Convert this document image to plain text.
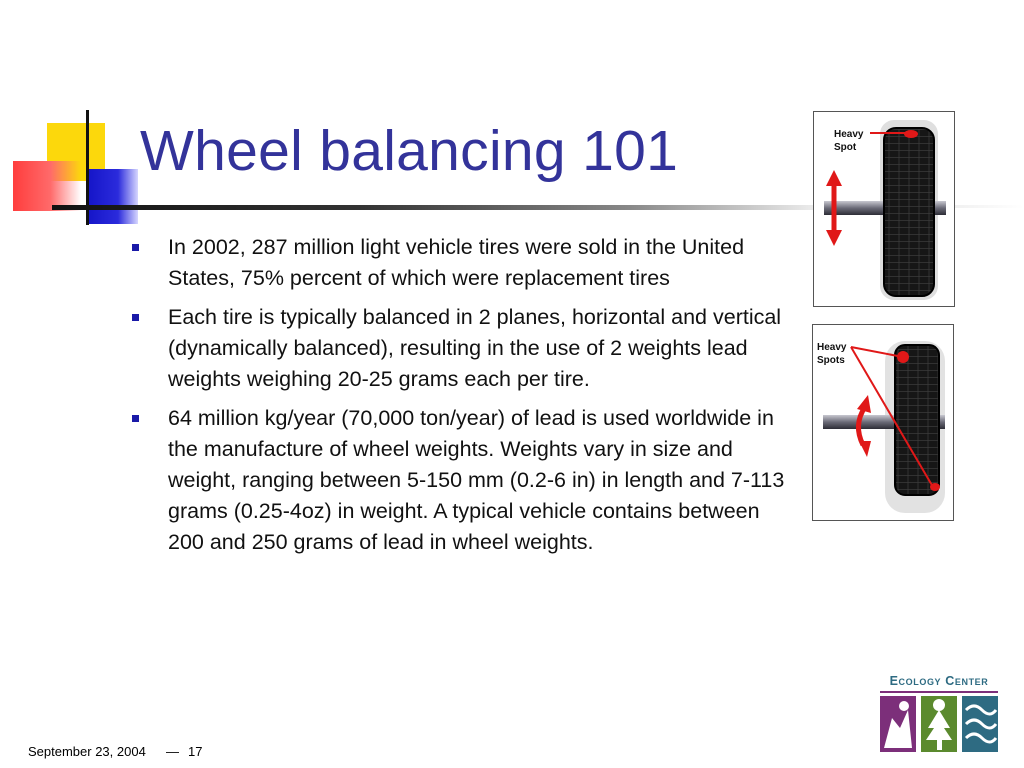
Wheel balancing 101
In 2002, 287 million light vehicle tires were sold in the United States, 75% percent of which were replacement tires
Each tire is typically balanced in 2 planes, horizontal and vertical (dynamically balanced), resulting in the use of 2 weights lead weights weighing 20-25 grams each per tire.
64 million kg/year (70,000 ton/year) of lead is used worldwide in the manufacture of wheel weights. Weights vary in size and weight, ranging between 5-150 mm (0.2-6 in) in length and 7-113 grams (0.25-4oz) in weight. A typical vehicle contains between 200 and 250 grams of lead in wheel weights.
Heavy
Spot
Heavy
Spots
September 23, 2004 — 17
Ecology Center
